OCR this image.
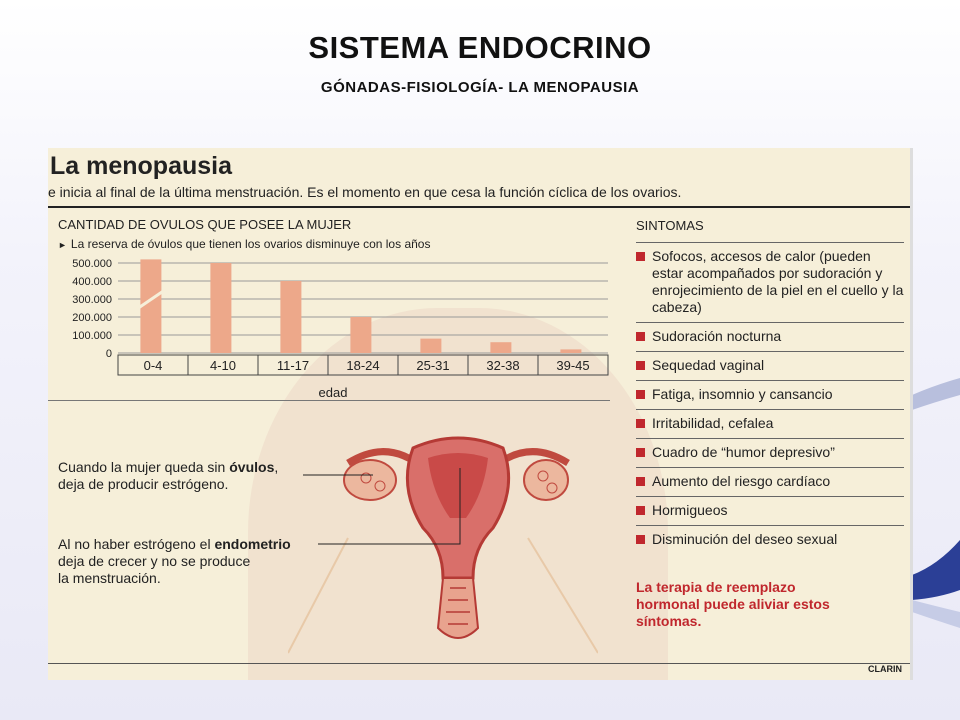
SISTEMA ENDOCRINO
GÓNADAS-FISIOLOGÍA- LA MENOPAUSIA
La menopausia
e inicia al final de la última menstruación. Es el momento en que cesa la función cíclica de los ovarios.
CANTIDAD DE OVULOS QUE POSEE LA MUJER
► La reserva de óvulos que tienen los ovarios disminuye con los años
500.000
400.000
300.000
200.000
100.000
0
0-4	4-10	11-17	18-24	25-31	32-38	39-45
edad
Cuando la mujer queda sin óvulos,
deja de producir estrógeno.
Al no haber estrógeno el endometrio
deja de crecer y no se produce
la menstruación.
SINTOMAS
Sofocos, accesos de calor (pueden estar acompañados por sudoración y enrojecimiento de la piel en el cuello y la cabeza)
Sudoración nocturna
Sequedad vaginal
Fatiga, insomnio y cansancio
Irritabilidad, cefalea
Cuadro de “humor depresivo”
Aumento del riesgo cardíaco
Hormigueos
Disminución del deseo sexual
La terapia de reemplazo hormonal puede aliviar estos síntomas.
CLARIN
